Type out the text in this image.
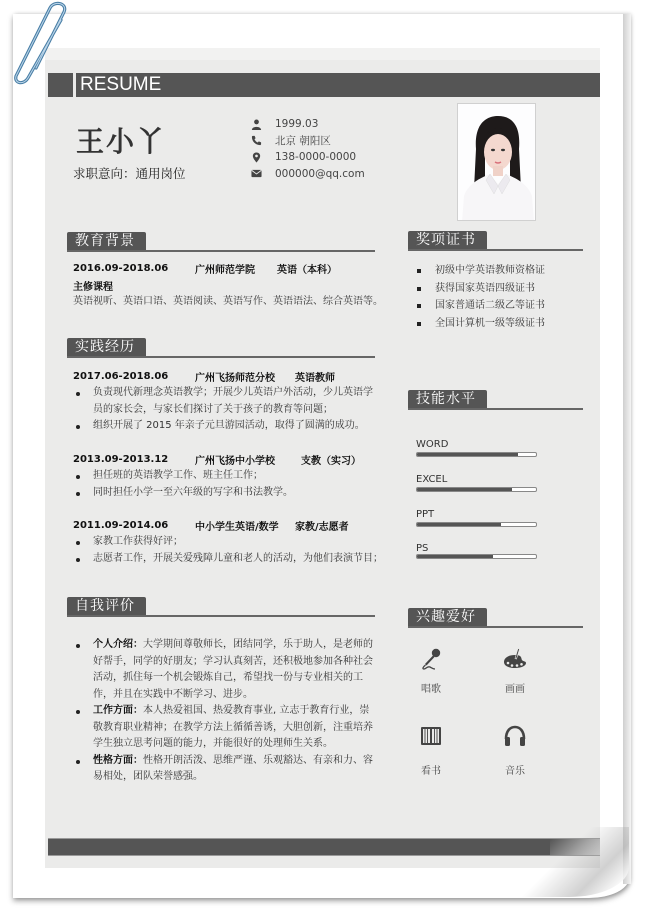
RESUME
王小丫
求职意向：通用岗位
1999.03
北京 朝阳区
138-0000-0000
000000@qq.com
教育背景
2016.09-2018.06	广州师范学院	英语（本科）
主修课程
英语视听、英语口语、英语阅读、英语写作、英语语法、综合英语等。
实践经历
2017.06-2018.06	广州飞扬师范分校	英语教师
负责现代新理念英语教学；开展少儿英语户外活动，少儿英语学员的家长会，与家长们探讨了关于孩子的教育等问题；
组织开展了 2015 年亲子元旦游园活动，取得了圆满的成功。
2013.09-2013.12	广州飞扬中小学校	支教（实习）
担任班的英语教学工作、班主任工作；
同时担任小学一至六年级的写字和书法教学。
2011.09-2014.06	中小学生英语/数学	家教/志愿者
家教工作获得好评；
志愿者工作，开展关爱残障儿童和老人的活动，为他们表演节目；
自我评价
个人介绍：大学期间尊敬师长，团结同学，乐于助人，是老师的好帮手，同学的好朋友；学习认真刻苦，还积极地参加各种社会活动，抓住每一个机会锻炼自己，希望找一份与专业相关的工作，并且在实践中不断学习、进步。
工作方面：本人热爱祖国、热爱教育事业, 立志于教育行业，崇敬教育职业精神；在教学方法上循循善诱，大胆创新，注重培养学生独立思考问题的能力，并能很好的处理师生关系。
性格方面：性格开朗活泼、思维严谨、乐观豁达、有亲和力、容易相处，团队荣誉感强。
奖项证书
初级中学英语教师资格证
获得国家英语四级证书
国家普通话二级乙等证书
全国计算机一级等级证书
技能水平
WORD
EXCEL
PPT
PS
兴趣爱好
唱歌	画画
看书	音乐
